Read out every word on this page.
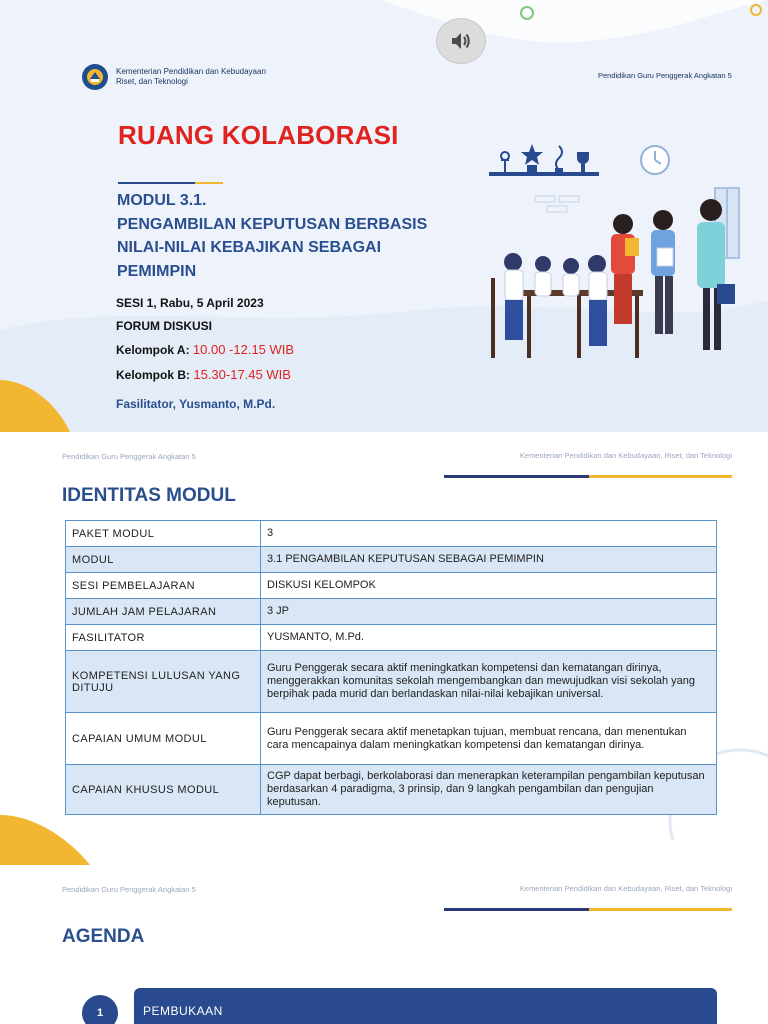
Kementerian Pendidikan dan Kebudayaan
Riset, dan Teknologi
Pendidikan Guru Penggerak Angkatan 5
RUANG KOLABORASI
MODUL 3.1.
PENGAMBILAN KEPUTUSAN BERBASIS
NILAI-NILAI KEBAJIKAN SEBAGAI
PEMIMPIN
SESI 1, Rabu, 5 April 2023
FORUM DISKUSI
Kelompok A: 10.00 -12.15 WIB
Kelompok B: 15.30-17.45 WIB
Fasilitator, Yusmanto, M.Pd.
Pendidikan Guru Penggerak Angkatan 5	Kementerian Pendidikan dan Kebudayaan, Riset, dan Teknologi
IDENTITAS MODUL
PAKET MODUL	3
MODUL	3.1 PENGAMBILAN KEPUTUSAN SEBAGAI PEMIMPIN
SESI PEMBELAJARAN	DISKUSI KELOMPOK
JUMLAH JAM PELAJARAN	3 JP
FASILITATOR	YUSMANTO, M.Pd.
KOMPETENSI LULUSAN YANG DITUJU	Guru Penggerak secara aktif meningkatkan kompetensi dan kematangan dirinya, menggerakkan komunitas sekolah mengembangkan dan mewujudkan visi sekolah yang berpihak pada murid dan berlandaskan nilai-nilai kebajikan universal.
CAPAIAN UMUM MODUL	Guru Penggerak secara aktif menetapkan tujuan, membuat rencana, dan menentukan cara mencapainya dalam meningkatkan kompetensi dan kematangan dirinya.
CAPAIAN KHUSUS MODUL	CGP dapat berbagi, berkolaborasi dan menerapkan keterampilan pengambilan keputusan berdasarkan 4 paradigma, 3 prinsip, dan 9 langkah pengambilan dan pengujian keputusan.
Pendidikan Guru Penggerak Angkatan 5	Kementerian Pendidikan dan Kebudayaan, Riset, dan Teknologi
AGENDA
1	PEMBUKAAN
